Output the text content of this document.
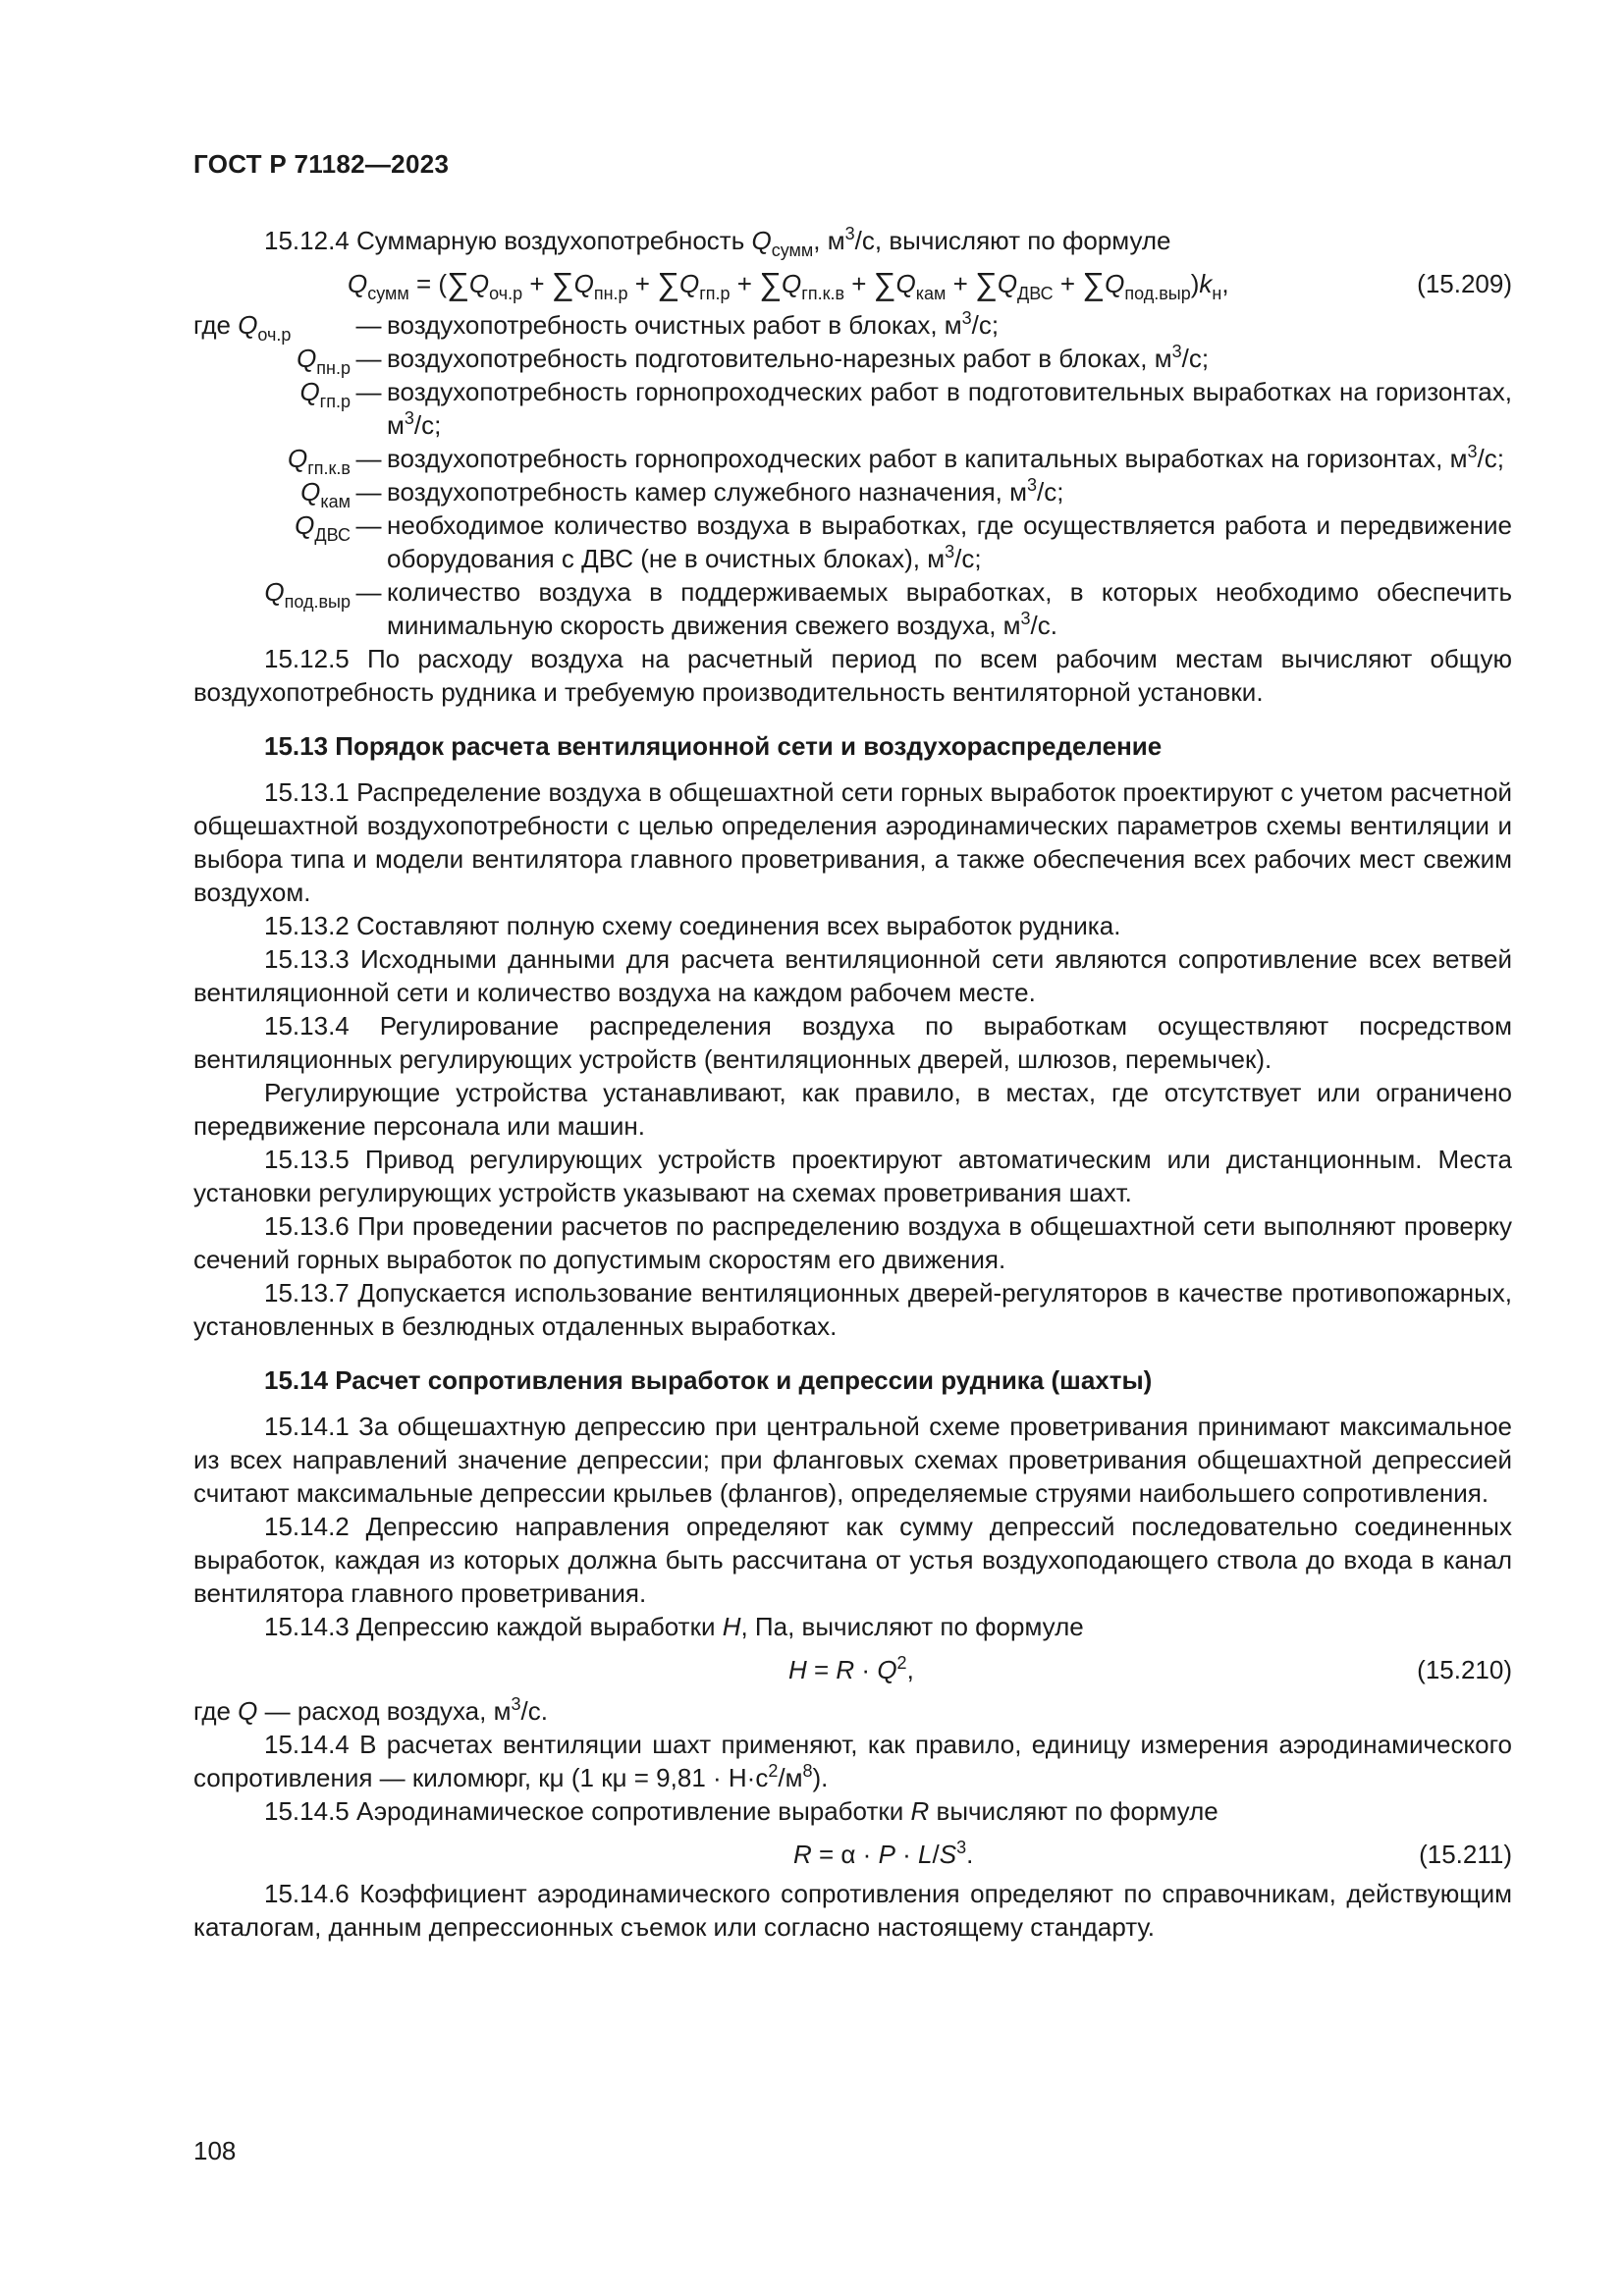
ГОСТ Р 71182—2023

15.12.4 Суммарную воздухопотребность $Q_{сумм}$, $м^3/с$, вычисляют по формуле

$Q_{сумм} = (\sum Q_{оч.р} + \sum Q_{пн.р} + \sum Q_{гп.р} + \sum Q_{гп.к.в} + \sum Q_{кам} + \sum Q_{ДВС} + \sum Q_{под.выр})k_н$,	(15.209)
где $Q_{оч.р}$	— воздухопотребность очистных работ в блоках, $м^3/с$;
$Q_{пн.р}$ — воздухопотребность подготовительно-нарезных работ в блоках, $м^3/с$;
$Q_{гп.р}$ — воздухопотребность горнопроходческих работ в подготовительных выработках на горизонтах, $м^3/с$;
$Q_{гп.к.в}$ — воздухопотребность горнопроходческих работ в капитальных выработках на горизонтах, $м^3/с$;
$Q_{кам}$ — воздухопотребность камер служебного назначения, $м^3/с$;
$Q_{ДВС}$ — необходимое количество воздуха в выработках, где осуществляется работа и передвижение оборудования с ДВС (не в очистных блоках), $м^3/с$;
$Q_{под.выр}$ — количество воздуха в поддерживаемых выработках, в которых необходимо обеспечить минимальную скорость движения свежего воздуха, $м^3/с$.

15.12.5 По расходу воздуха на расчетный период по всем рабочим местам вычисляют общую воздухопотребность рудника и требуемую производительность вентиляторной установки.

15.13 Порядок расчета вентиляционной сети и воздухораспределение

15.13.1 Распределение воздуха в общешахтной сети горных выработок проектируют с учетом расчетной общешахтной воздухопотребности с целью определения аэродинамических параметров схемы вентиляции и выбора типа и модели вентилятора главного проветривания, а также обеспечения всех рабочих мест свежим воздухом.

15.13.2 Составляют полную схему соединения всех выработок рудника.

15.13.3 Исходными данными для расчета вентиляционной сети являются сопротивление всех ветвей вентиляционной сети и количество воздуха на каждом рабочем месте.

15.13.4 Регулирование распределения воздуха по выработкам осуществляют посредством вентиляционных регулирующих устройств (вентиляционных дверей, шлюзов, перемычек).

Регулирующие устройства устанавливают, как правило, в местах, где отсутствует или ограничено передвижение персонала или машин.

15.13.5 Привод регулирующих устройств проектируют автоматическим или дистанционным. Места установки регулирующих устройств указывают на схемах проветривания шахт.

15.13.6 При проведении расчетов по распределению воздуха в общешахтной сети выполняют проверку сечений горных выработок по допустимым скоростям его движения.

15.13.7 Допускается использование вентиляционных дверей-регуляторов в качестве противопожарных, установленных в безлюдных отдаленных выработках.

15.14 Расчет сопротивления выработок и депрессии рудника (шахты)

15.14.1 За общешахтную депрессию при центральной схеме проветривания принимают максимальное из всех направлений значение депрессии; при фланговых схемах проветривания общешахтной депрессией считают максимальные депрессии крыльев (флангов), определяемые струями наибольшего сопротивления.

15.14.2 Депрессию направления определяют как сумму депрессий последовательно соединенных выработок, каждая из которых должна быть рассчитана от устья воздухоподающего ствола до входа в канал вентилятора главного проветривания.

15.14.3 Депрессию каждой выработки H, Па, вычисляют по формуле

$H = R \cdot Q^2$,	(15.210)

где Q — расход воздуха, $м^3/с$.

15.14.4 В расчетах вентиляции шахт применяют, как правило, единицу измерения аэродинамического сопротивления — киломюрг, кμ (1 $к\mu = 9,81 \cdot Н\cdot с^2/м^8$).

15.14.5 Аэродинамическое сопротивление выработки R вычисляют по формуле

$R = \alpha \cdot P \cdot L/S^3$.	(15.211)

15.14.6 Коэффициент аэродинамического сопротивления определяют по справочникам, действующим каталогам, данным депрессионных съемок или согласно настоящему стандарту.

108
